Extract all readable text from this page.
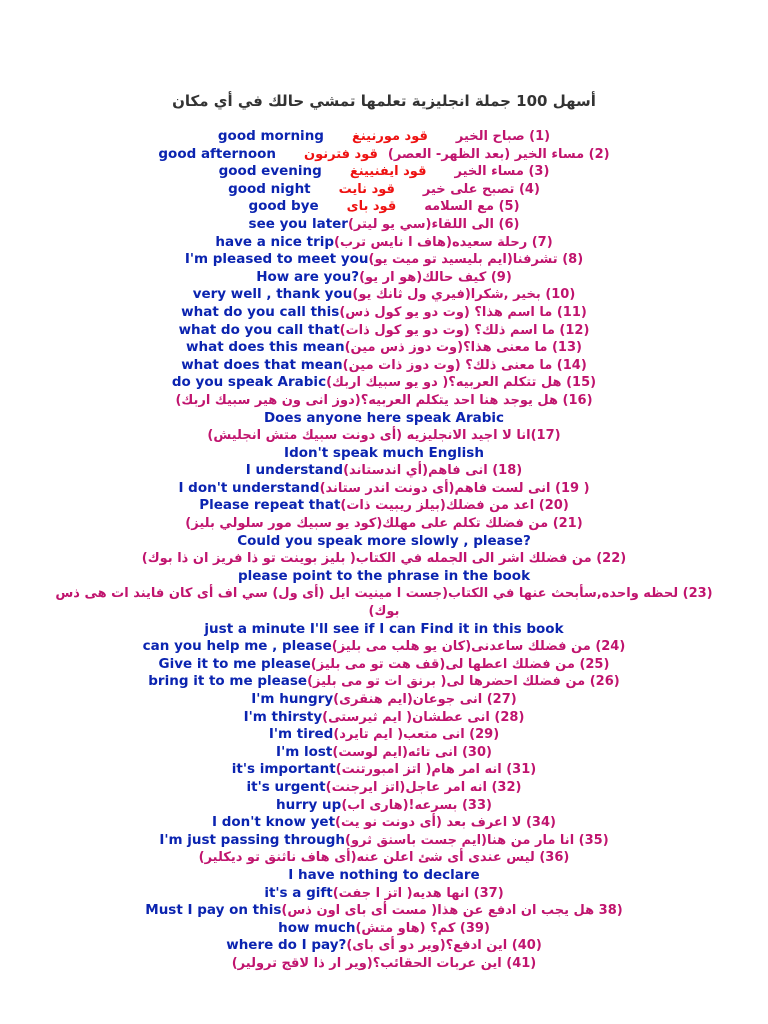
أسهل 100 جملة انجليزية تعلمها تمشي حالك في أي مكان
(1) صباح الخيرقود مورنينغgood morning
(2) مساء الخير (بعد الظهر- العصر)قود فترنونgood afternoon
(3) مساء الخيرقود ايفنيينغgood evening
(4) تصبح على خيرقود نايتgood night
(5) مع السلامهقود باىgood bye
(6) الى اللقاء(سي يو ليتر)see you later
(7) رحلة سعيده(هاف ا نايس ترب)have a nice trip
(8) تشرفنا(ايم بليسيد تو ميت يو)I'm pleased to meet you
(9) كيف حالك(هو ار يو)How are you?
(10) بخير ,شكرا(فيري ول ثانك يو)very well , thank you
(11) ما اسم هذا؟ (وت دو يو كول ذس)what do you call this
(12) ما اسم ذلك؟ (وت دو يو كول ذات)what do you call that
(13) ما معنى هذا؟(وت دوز ذس مين)what does this mean
(14) ما معنى ذلك؟ (وت دوز ذات مين)what does that mean
(15) هل تتكلم العربيه؟( دو يو سبيك اربك)do you speak Arabic
(16) هل يوجد هنا احد يتكلم العربيه؟(دوز انى ون هير سبيك اربك)
Does anyone here speak Arabic
(17)انا لا اجيد الانجليزيه (أى دونت سبيك متش انجليش)
Idon't speak much English
(18) انى فاهم(أي اندستاند)I understand
( 19) انى لست فاهم(أى دونت اندر ستاند)I don't understand
(20) اعد من فضلك(بيلز ريبيت ذات)Please repeat that
(21) من فضلك تكلم على مهلك(كود يو سبيك مور سلولي بليز)
Could you speak more slowly , please?
(22) من فضلك اشر الى الجمله في الكتاب( بليز بوينت تو ذا فريز ان ذا بوك)
please point to the phrase in the book
(23) لحظه واحده,سأبحث عنها في الكتاب(جست ا مينيت ايل (أى ول) سي اف أى كان فايند ات هى ذس
بوك)
just a minute I'll see if I can Find it in this book
(24) من فضلك ساعدنى(كان يو هلب مى بليز)can you help me , please
(25) من فضلك اعطها لى(قف هت تو مى بليز)Give it to me please
(26) من فضلك احضرها لى( برنق ات تو مى بليز)bring it to me please
(27) انى جوعان(ايم هنقرى)I'm hungry
(28) انى عطشان( ايم ثيرستى)I'm thirsty
(29) انى متعب( ايم تايرد)I'm tired
(30) انى تائه(ايم لوست)I'm lost
(31) انه امر هام( اتز امبورتنت)it's important
(32) انه امر عاجل(اتز ايرجنت)it's urgent
(33) بسرعه!(هارى اب)hurry up
(34) لا اعرف بعد (أى دونت نو يت)I don't know yet
(35) انا مار من هنا(ايم جست باسنق ثرو)I'm just passing through
(36) ليس عندى أى شئ اعلن عنه(أى هاف ناثنق تو ديكلير)
I have nothing to declare
(37) انها هديه( اتز ا جفت)it's a gift
(38 هل يجب ان ادفع عن هذا( مست أى باى اون ذس)Must I pay on this
(39) كم؟ (هاو متش)how much
(40) اين ادفع؟(وير دو أى باى)where do I pay?
(41) اين عربات الحقائب؟(وير ار ذا لاقج ترولير)
